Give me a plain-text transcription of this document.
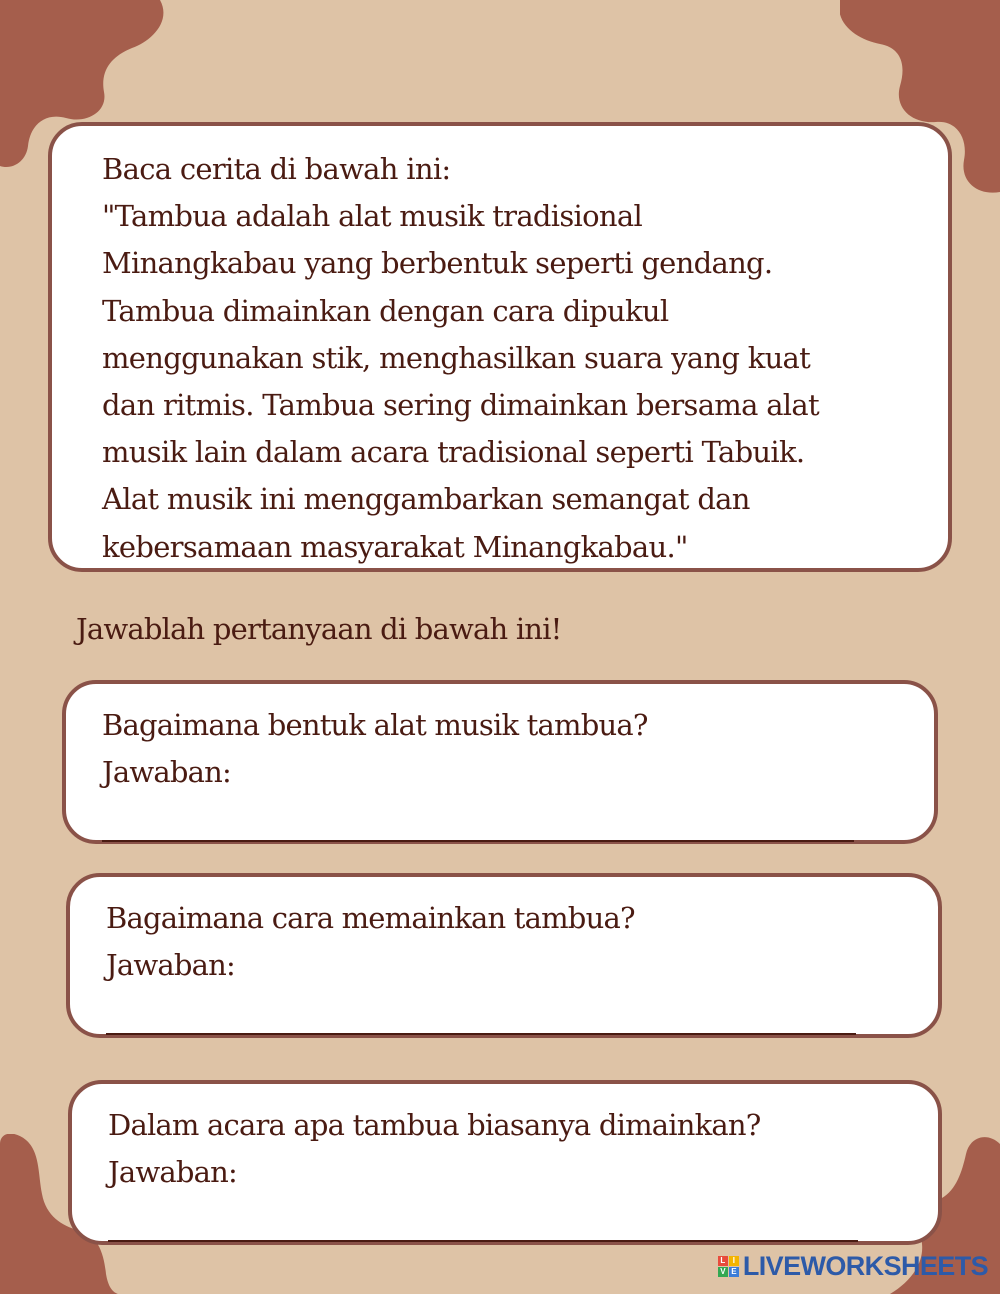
Baca cerita di bawah ini:
"Tambua adalah alat musik tradisional
Minangkabau yang berbentuk seperti gendang.
Tambua dimainkan dengan cara dipukul
menggunakan stik, menghasilkan suara yang kuat
dan ritmis. Tambua sering dimainkan bersama alat
musik lain dalam acara tradisional seperti Tabuik.
Alat musik ini menggambarkan semangat dan
kebersamaan masyarakat Minangkabau."
Jawablah pertanyaan di bawah ini!
Bagaimana bentuk alat musik tambua?
Jawaban:
Bagaimana cara memainkan tambua?
Jawaban:
Dalam acara apa tambua biasanya dimainkan?
Jawaban:
L I
V E LIVEWORKSHEETS
